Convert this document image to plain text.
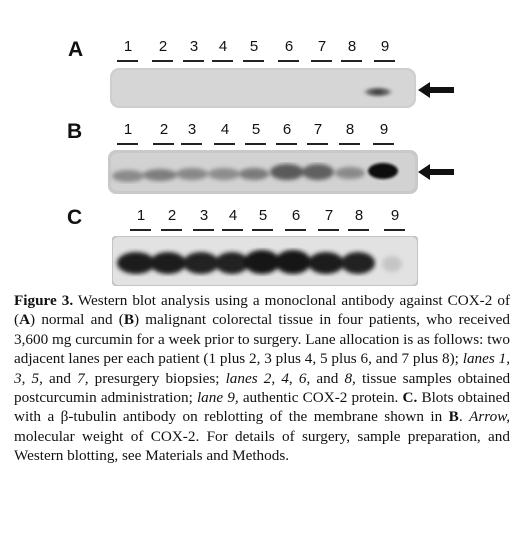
A
B
C
1	2	3	4	5	6	7	8	9
1	2	3	4	5	6	7	8	9
1	2	3	4	5	6	7	8	9
Figure 3. Western blot analysis using a monoclonal antibody against COX-2 of (A) normal and (B) malignant colorectal tissue in four patients, who received 3,600 mg curcumin for a week prior to surgery. Lane allocation is as follows: two adjacent lanes per each patient (1 plus 2, 3 plus 4, 5 plus 6, and 7 plus 8); lanes 1, 3, 5, and 7, presurgery biopsies; lanes 2, 4, 6, and 8, tissue samples obtained postcurcumin administration; lane 9, authentic COX-2 protein. C. Blots obtained with a β-tubulin antibody on reblotting of the membrane shown in B. Arrow, molecular weight of COX-2. For details of surgery, sample preparation, and Western blotting, see Materials and Methods.
